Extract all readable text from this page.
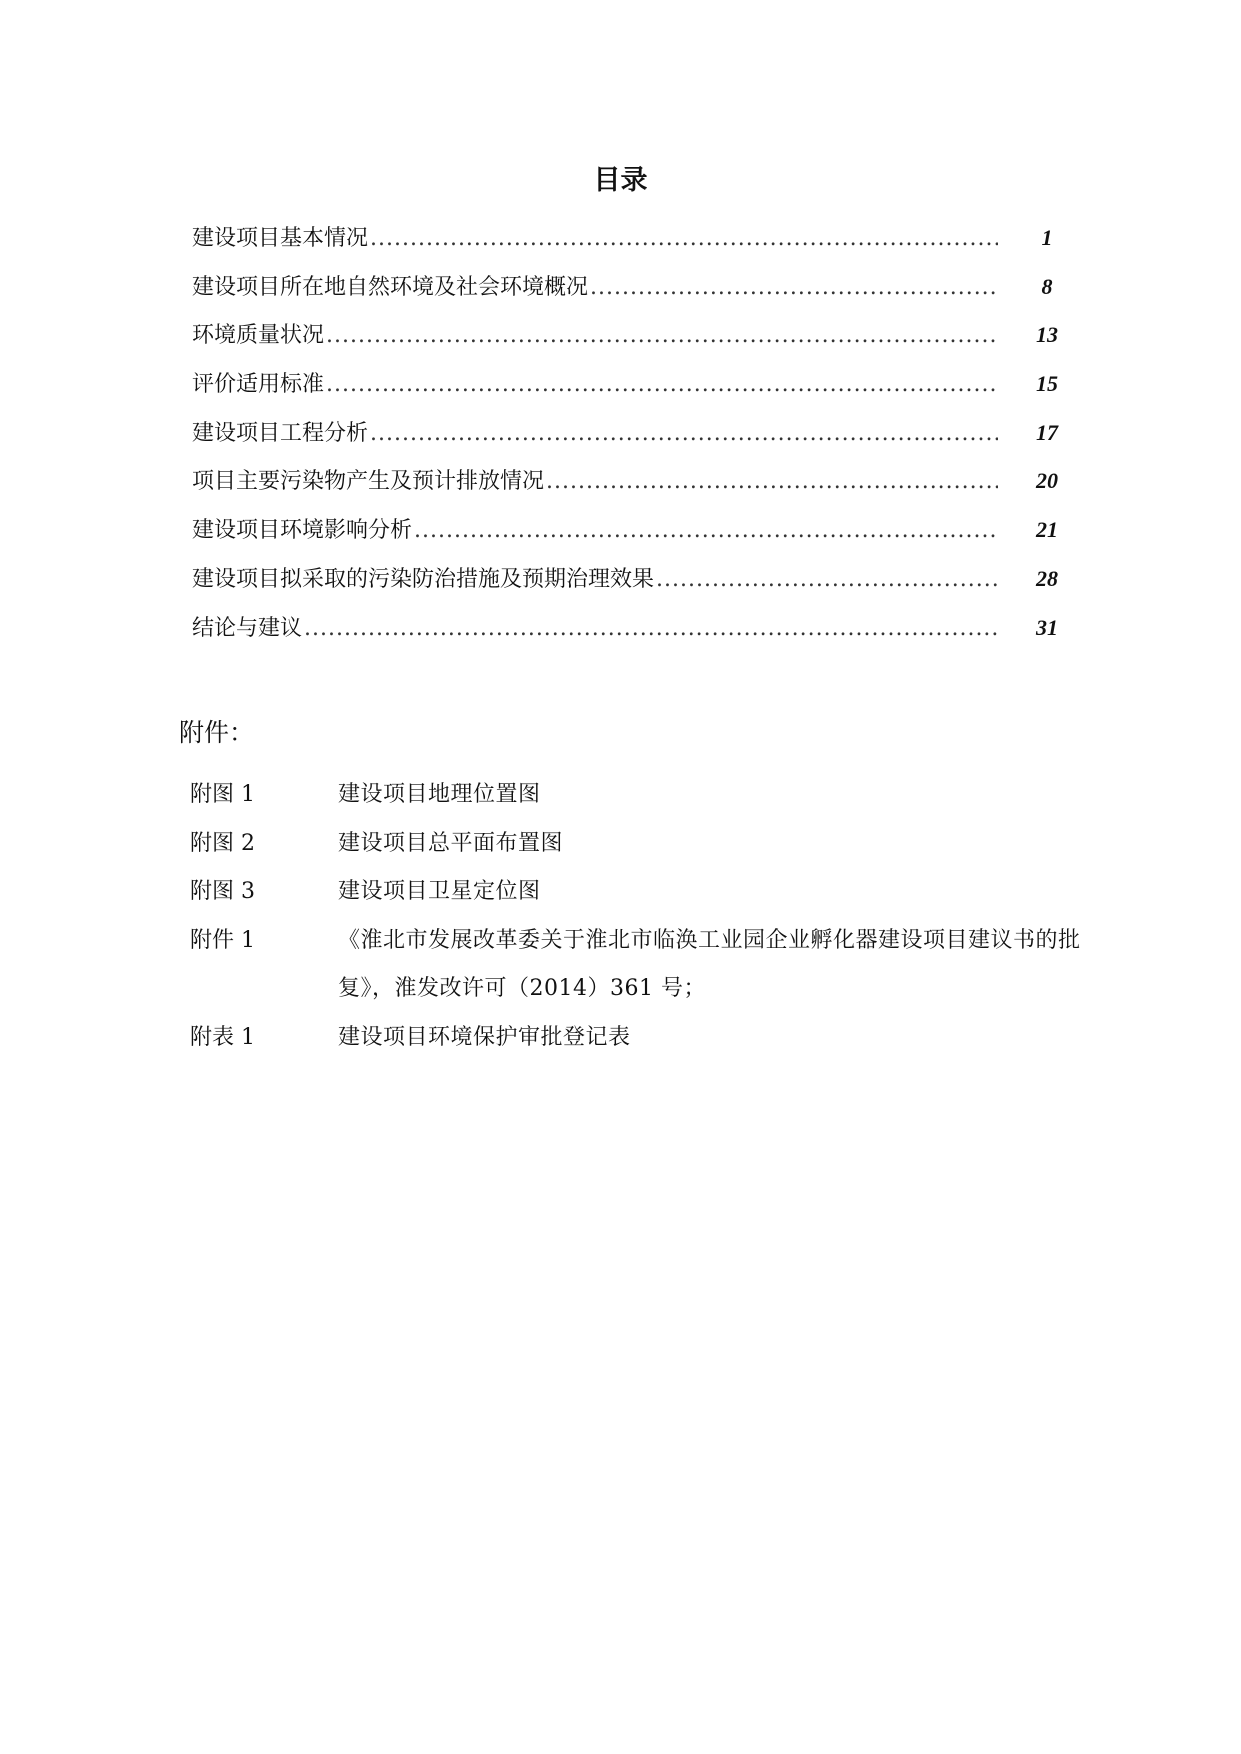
目录
建设项目基本情况 .....	1
建设项目所在地自然环境及社会环境概况 .....	8
环境质量状况 .....	13
评价适用标准 .....	15
建设项目工程分析 .....	17
项目主要污染物产生及预计排放情况 .....	20
建设项目环境影响分析 .....	21
建设项目拟采取的污染防治措施及预期治理效果 .....	28
结论与建议 .....	31
附件：
附图 1	建设项目地理位置图
附图 2	建设项目总平面布置图
附图 3	建设项目卫星定位图
附件 1	《淮北市发展改革委关于淮北市临涣工业园企业孵化器建设项目建议书的批复》，淮发改许可（2014）361 号；
附表 1	建设项目环境保护审批登记表
